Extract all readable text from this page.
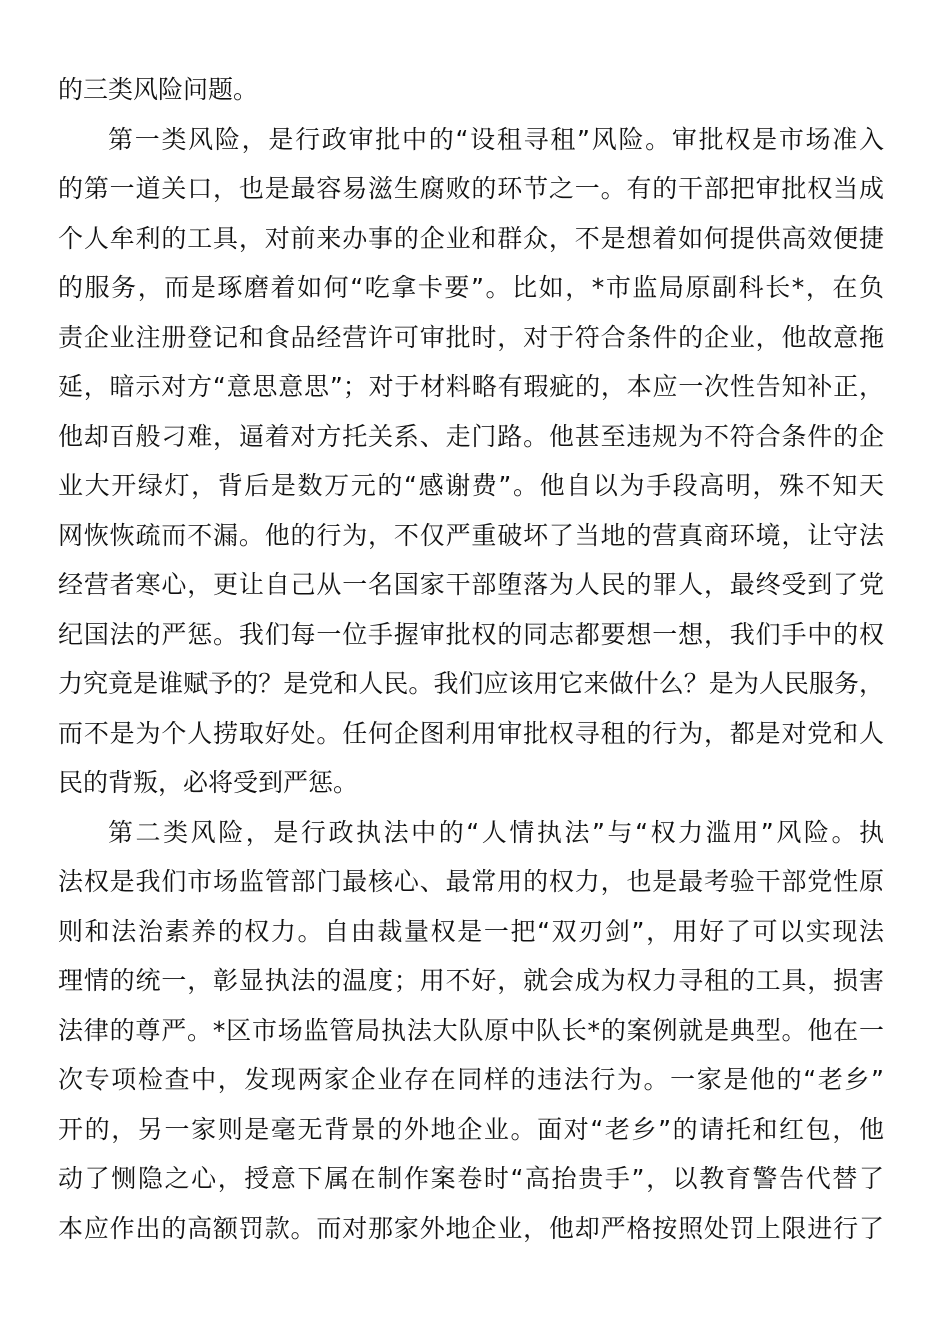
的三类风险问题。
第一类风险，是行政审批中的“设租寻租”风险。审批权是市场准入
的第一道关口，也是最容易滋生腐败的环节之一。有的干部把审批权当成
个人牟利的工具，对前来办事的企业和群众，不是想着如何提供高效便捷
的服务，而是琢磨着如何“吃拿卡要”。比如，*市监局原副科长*，在负
责企业注册登记和食品经营许可审批时，对于符合条件的企业，他故意拖
延，暗示对方“意思意思”；对于材料略有瑕疵的，本应一次性告知补正，
他却百般刁难，逼着对方托关系、走门路。他甚至违规为不符合条件的企
业大开绿灯，背后是数万元的“感谢费”。他自以为手段高明，殊不知天
网恢恢疏而不漏。他的行为，不仅严重破坏了当地的营真商环境，让守法
经营者寒心，更让自己从一名国家干部堕落为人民的罪人，最终受到了党
纪国法的严惩。我们每一位手握审批权的同志都要想一想，我们手中的权
力究竟是谁赋予的？是党和人民。我们应该用它来做什么？是为人民服务，
而不是为个人捞取好处。任何企图利用审批权寻租的行为，都是对党和人
民的背叛，必将受到严惩。
第二类风险，是行政执法中的“人情执法”与“权力滥用”风险。执
法权是我们市场监管部门最核心、最常用的权力，也是最考验干部党性原
则和法治素养的权力。自由裁量权是一把“双刃剑”，用好了可以实现法
理情的统一，彰显执法的温度；用不好，就会成为权力寻租的工具，损害
法律的尊严。*区市场监管局执法大队原中队长*的案例就是典型。他在一
次专项检查中，发现两家企业存在同样的违法行为。一家是他的“老乡”
开的，另一家则是毫无背景的外地企业。面对“老乡”的请托和红包，他
动了恻隐之心，授意下属在制作案卷时“高抬贵手”，以教育警告代替了
本应作出的高额罚款。而对那家外地企业，他却严格按照处罚上限进行了
